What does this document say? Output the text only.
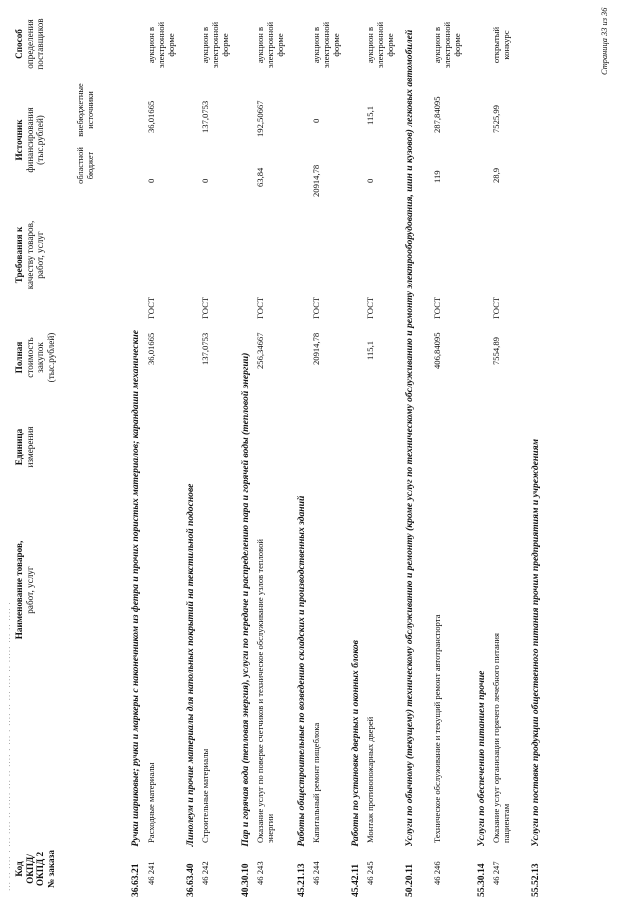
··· ·· ···· · ··· ···· ·· ····· ··· ·· ···· · ··· · ···· ·· ··· ···· ·· ····· ··· ·· ···· · Код
ОКПД/
ОКПД 2
№ заказа
Наименование товаров,
работ, услуг
Единица
измерения
Полная
стоимость
закупок
(тыс.рублей)
Требования к
качеству товаров,
работ, услуг
Источник
финансирования
(тыс.рублей)
областной
бюджет
внебюджетные
источники
Способ
определения
поставщиков
36.63.21 Ручки шариковые; ручки и маркеры с наконечником из фетра и прочих пористых материалов; карандаши механические
46 241
Расходные материалы
36,01665
ГОСТ
0
36,01665
аукцион в
электронной
форме
36.63.40 Линолеум и прочие материалы для напольных покрытий на текстильной подоснове
46 242
Строительные материалы
137,0753
ГОСТ
0
137,0753
аукцион в
электронной
форме
40.30.10 Пар и горячая вода (тепловая энергия), услуги по передаче и распределению пара и горячей воды (тепловой энергии)
46 243
Оказание услуг по поверке счетчиков и техническое обслуживание узлов тепловой энергии
256,34667
ГОСТ
63,84
192,50667
аукцион в
электронной
форме
45.21.13 Работы общестроительные по возведению складских и производственных зданий
46 244
Капитальный ремонт пищеблока
20914,78
ГОСТ
20914,78
0
аукцион в
электронной
форме
45.42.11 Работы по установке дверных и оконных блоков
46 245
Монтаж противопожарных дверей
115,1
ГОСТ
0
115,1
аукцион в
электронной
форме
50.20.11 Услуги по обычному (текущему) техническому обслуживанию и ремонту (кроме услуг по техническому обслуживанию и ремонту электрооборудования, шин и кузовов) легковых автомобилей
46 246
Техническое обслуживание и текущий ремонт автотранспорта
406,84095
ГОСТ
119
287,84095
аукцион в
электронной
форме
55.30.14 Услуги по обеспечению питанием прочие
46 247
Оказание услуг организации горячего лечебного питания пациентам
7554,89
ГОСТ
28,9
7525,99
открытый
конкурс
55.52.13 Услуги по поставке продукции общественного питания прочим предприятиям и учреждениям
Страница 33 из 36
